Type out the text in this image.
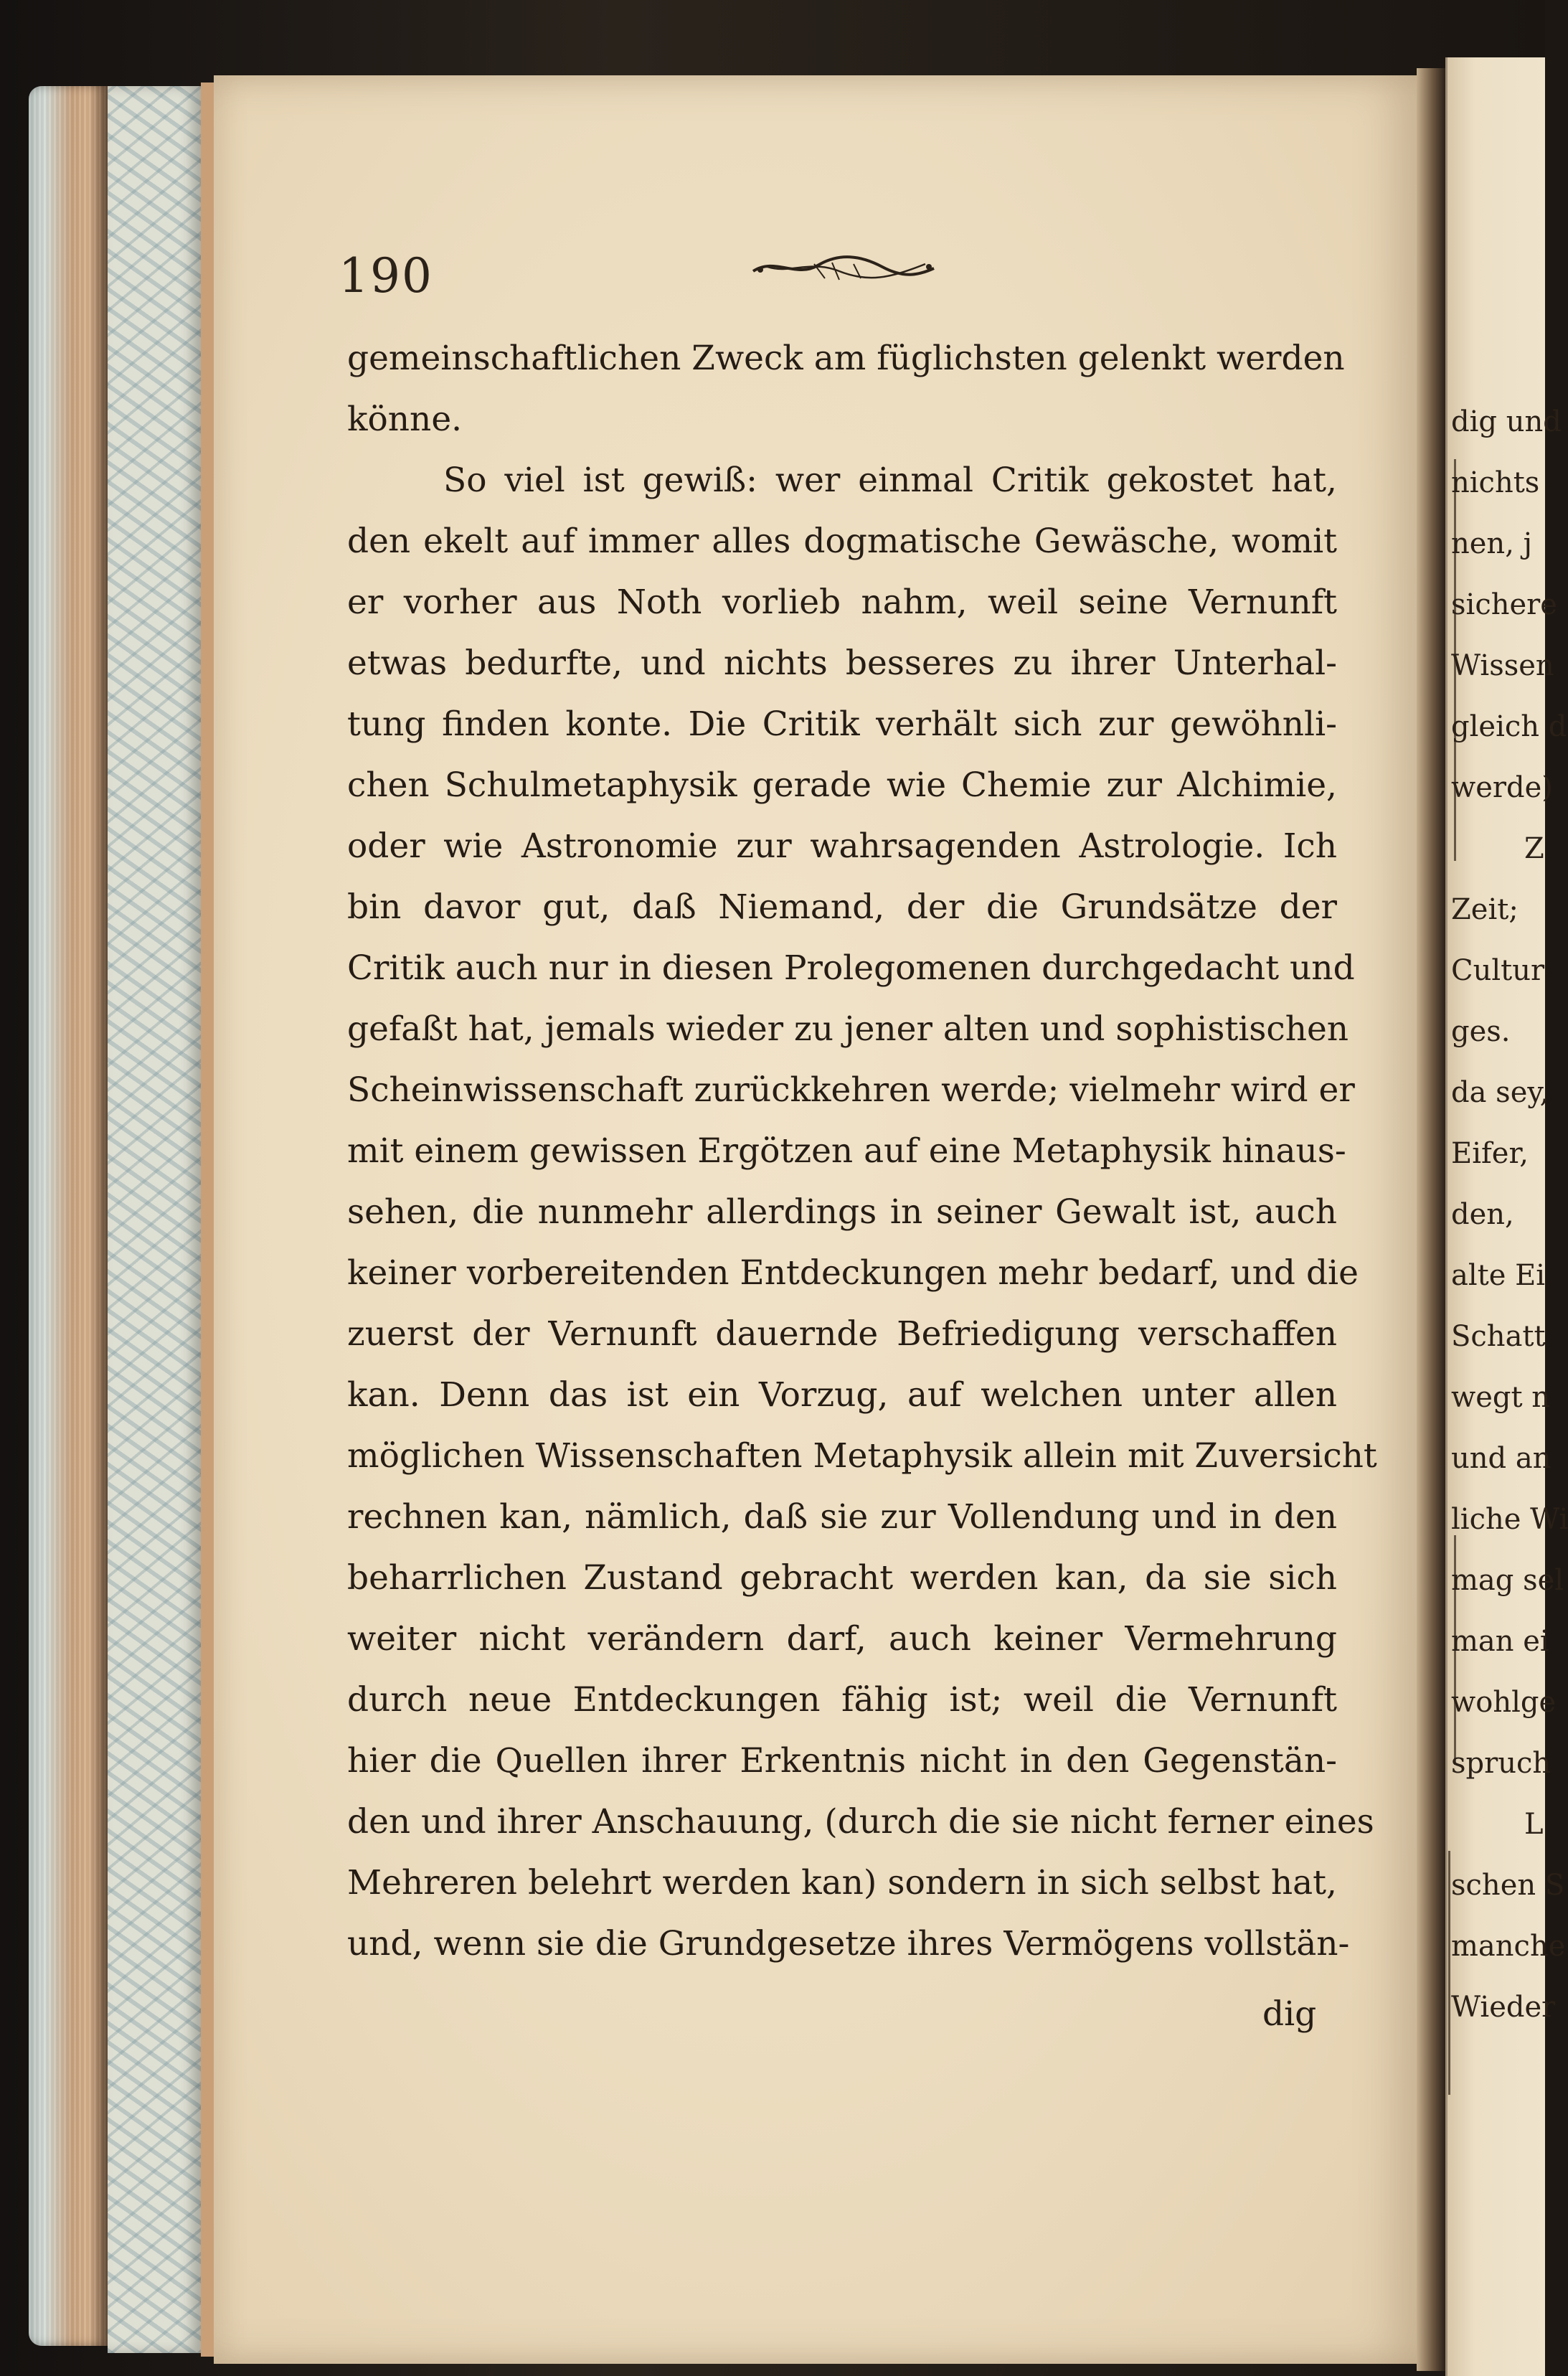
dig und
nichts
nen, j
sichere
Wissen
gleich d
werde)
Z
Zeit;
Cultur
ges.
da sey,
Eifer,
den,
alte Ei
Schatt
wegt n
und an
liche Wi
mag sel
man ei
wohlge
spruch
L
schen S
manche
Wieder
190

gemeinschaftlichen Zweck am füglichsten gelenkt werden

könne.

So viel ist gewiß: wer einmal Critik gekostet hat,

den ekelt auf immer alles dogmatische Gewäsche, womit

er vorher aus Noth vorlieb nahm, weil seine Vernunft

etwas bedurfte, und nichts besseres zu ihrer Unterhal-

tung finden konte. Die Critik verhält sich zur gewöhnli-

chen Schulmetaphysik gerade wie Chemie zur Alchimie,

oder wie Astronomie zur wahrsagenden Astrologie. Ich

bin davor gut, daß Niemand, der die Grundsätze der

Critik auch nur in diesen Prolegomenen durchgedacht und

gefaßt hat, jemals wieder zu jener alten und sophistischen

Scheinwissenschaft zurückkehren werde; vielmehr wird er

mit einem gewissen Ergötzen auf eine Metaphysik hinaus-

sehen, die nunmehr allerdings in seiner Gewalt ist, auch

keiner vorbereitenden Entdeckungen mehr bedarf, und die

zuerst der Vernunft dauernde Befriedigung verschaffen

kan. Denn das ist ein Vorzug, auf welchen unter allen

möglichen Wissenschaften Metaphysik allein mit Zuversicht

rechnen kan, nämlich, daß sie zur Vollendung und in den

beharrlichen Zustand gebracht werden kan, da sie sich

weiter nicht verändern darf, auch keiner Vermehrung

durch neue Entdeckungen fähig ist; weil die Vernunft

hier die Quellen ihrer Erkentnis nicht in den Gegenstän-

den und ihrer Anschauung, (durch die sie nicht ferner eines

Mehreren belehrt werden kan) sondern in sich selbst hat,

und, wenn sie die Grundgesetze ihres Vermögens vollstän-

dig
